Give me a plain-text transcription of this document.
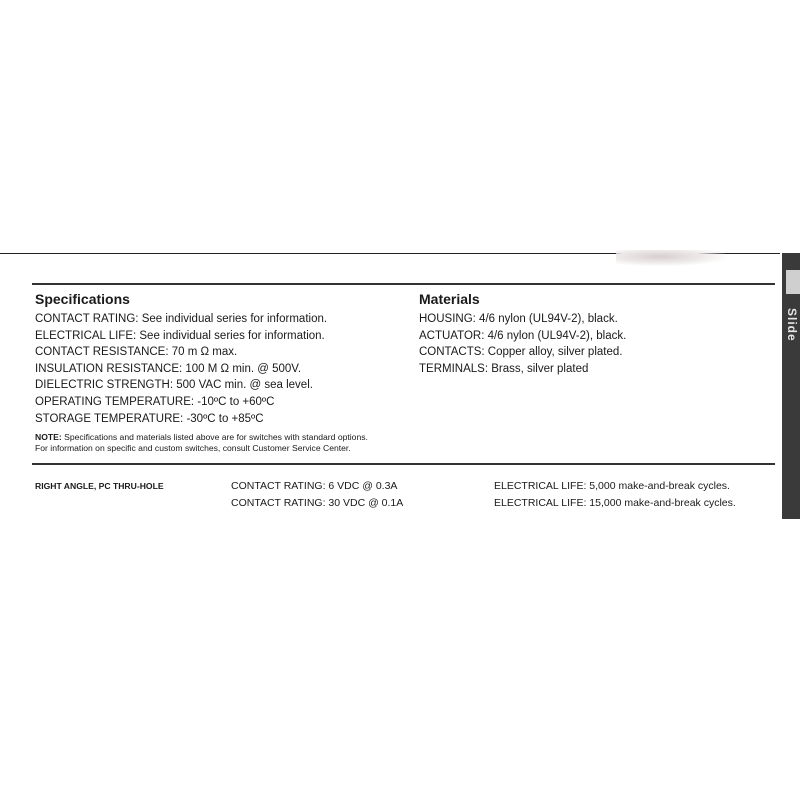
Slide
Specifications	Materials
CONTACT RATING: See individual series for information.
ELECTRICAL LIFE: See individual series for information.
CONTACT RESISTANCE: 70 m Ω max.
INSULATION RESISTANCE: 100 M Ω min. @ 500V.
DIELECTRIC STRENGTH: 500 VAC min. @ sea level.
OPERATING TEMPERATURE: -10ºC to +60ºC
STORAGE TEMPERATURE: -30ºC to +85ºC
HOUSING: 4/6 nylon (UL94V-2), black.
ACTUATOR: 4/6 nylon (UL94V-2), black.
CONTACTS: Copper alloy, silver plated.
TERMINALS: Brass, silver plated
NOTE: Specifications and materials listed above are for switches with standard options.
For information on specific and custom switches, consult Customer Service Center.
RIGHT ANGLE, PC THRU-HOLE	CONTACT RATING: 6 VDC @ 0.3A
CONTACT RATING: 30 VDC @ 0.1A
ELECTRICAL LIFE: 5,000 make-and-break cycles.
ELECTRICAL LIFE: 15,000 make-and-break cycles.
